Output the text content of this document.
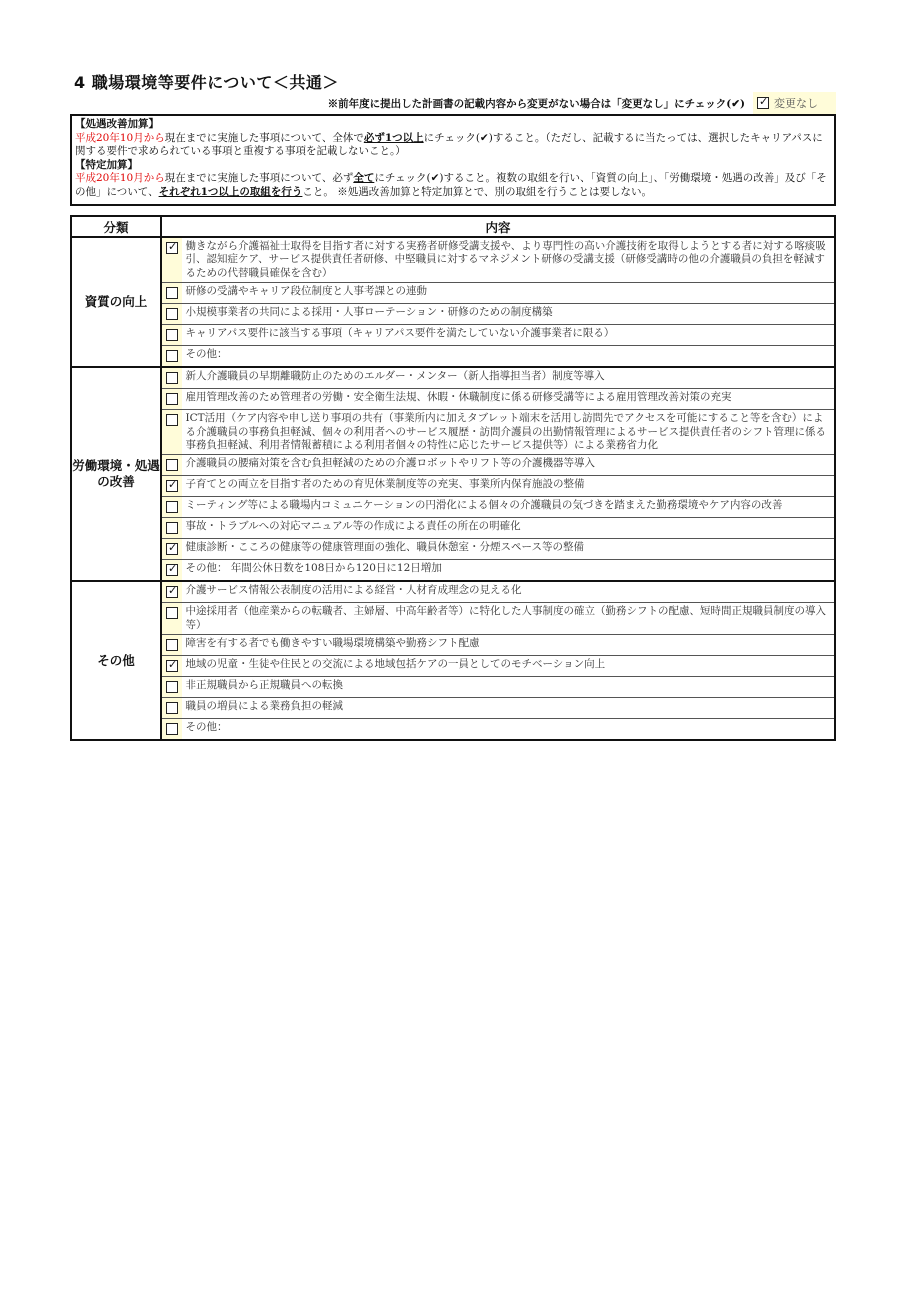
4 職場環境等要件について＜共通＞
※前年度に提出した計画書の記載内容から変更がない場合は「変更なし」にチェック(✔) ✓	変更なし
【処遇改善加算】
平成20年10月から現在までに実施した事項について、全体で必ず1つ以上にチェック(✔)すること。（ただし、記載するに当たっては、選択したキャリアパスに関する要件で求められている事項と重複する事項を記載しないこと。）
【特定加算】
平成20年10月から現在までに実施した事項について、必ず全てにチェック(✔)すること。複数の取組を行い、「資質の向上」、「労働環境・処遇の改善」及び「その他」について、それぞれ1つ以上の取組を行うこと。 ※処遇改善加算と特定加算とで、別の取組を行うことは要しない。
分類	内容	
資質の向上	✓	働きながら介護福祉士取得を目指す者に対する実務者研修受講支援や、より専門性の高い介護技術を取得しようとする者に対する喀痰吸引、認知症ケア、サービス提供責任者研修、中堅職員に対するマネジメント研修の受講支援（研修受講時の他の介護職員の負担を軽減するための代替職員確保を含む）
		研修の受講やキャリア段位制度と人事考課との連動
		小規模事業者の共同による採用・人事ローテーション・研修のための制度構築
		キャリアパス要件に該当する事項（キャリアパス要件を満たしていない介護事業者に限る）
		その他：
労働環境・処遇の改善		新人介護職員の早期離職防止のためのエルダー・メンター（新人指導担当者）制度等導入
		雇用管理改善のため管理者の労働・安全衛生法規、休暇・休職制度に係る研修受講等による雇用管理改善対策の充実
		ICT活用（ケア内容や申し送り事項の共有（事業所内に加えタブレット端末を活用し訪問先でアクセスを可能にすること等を含む）による介護職員の事務負担軽減、個々の利用者へのサービス履歴・訪問介護員の出勤情報管理によるサービス提供責任者のシフト管理に係る事務負担軽減、利用者情報蓄積による利用者個々の特性に応じたサービス提供等）による業務省力化
		介護職員の腰痛対策を含む負担軽減のための介護ロボットやリフト等の介護機器等導入
✓	子育てとの両立を目指す者のための育児休業制度等の充実、事業所内保育施設の整備
		ミーティング等による職場内コミュニケーションの円滑化による個々の介護職員の気づきを踏まえた勤務環境やケア内容の改善
		事故・トラブルへの対応マニュアル等の作成による責任の所在の明確化
✓	健康診断・こころの健康等の健康管理面の強化、職員休憩室・分煙スペース等の整備
✓	その他： 年間公休日数を108日から120日に12日増加
その他	✓	介護サービス情報公表制度の活用による経営・人材育成理念の見える化
		中途採用者（他産業からの転職者、主婦層、中高年齢者等）に特化した人事制度の確立（勤務シフトの配慮、短時間正規職員制度の導入等）
		障害を有する者でも働きやすい職場環境構築や勤務シフト配慮
✓	地域の児童・生徒や住民との交流による地域包括ケアの一員としてのモチベーション向上
		非正規職員から正規職員への転換
		職員の増員による業務負担の軽減
		その他：
